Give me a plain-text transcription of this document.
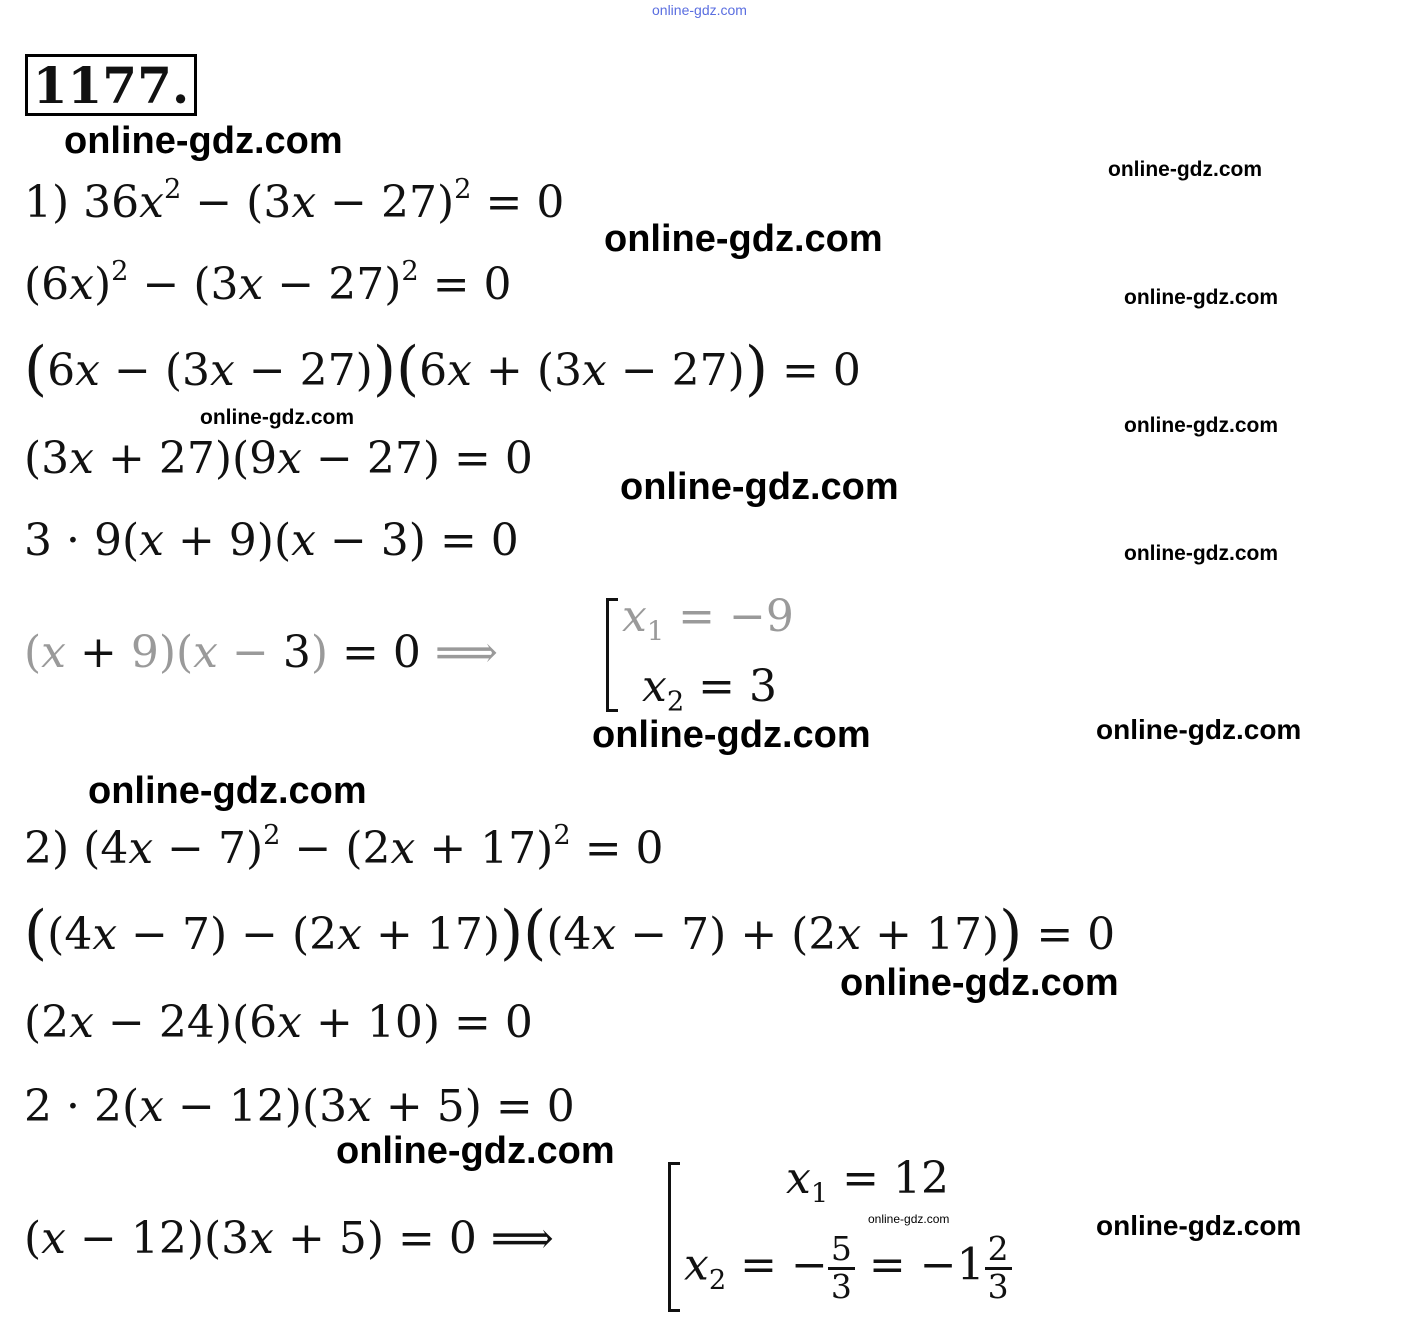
online-gdz.com
online-gdz.com
online-gdz.com
online-gdz.com
online-gdz.com
online-gdz.com	online-gdz.com
online-gdz.com
online-gdz.com
online-gdz.com	online-gdz.com
online-gdz.com
online-gdz.com
online-gdz.com
online-gdz.com	online-gdz.com
1177.
1) $36x^2 - (3x - 27)^2 = 0$
$(6x)^2 - (3x - 27)^2 = 0$
(6x − (3x − 27))(6x + (3x − 27)) = 0
(3x + 27)(9x − 27) = 0
3 · 9(x + 9)(x − 3) = 0
(x + 9)(x − 3) = 0 ⟹
$x_1 = -9$
$x_2 = 3$
2) $(4x - 7)^2 - (2x + 17)^2 = 0$
((4x − 7) − (2x + 17))((4x − 7) + (2x + 17)) = 0
(2x − 24)(6x + 10) = 0
2 · 2(x − 12)(3x + 5) = 0
(x − 12)(3x + 5) = 0 ⟹
$x_1 = 12$
$x_2$ = − $\frac{5}{3} = -1 \frac{2}{3}$
